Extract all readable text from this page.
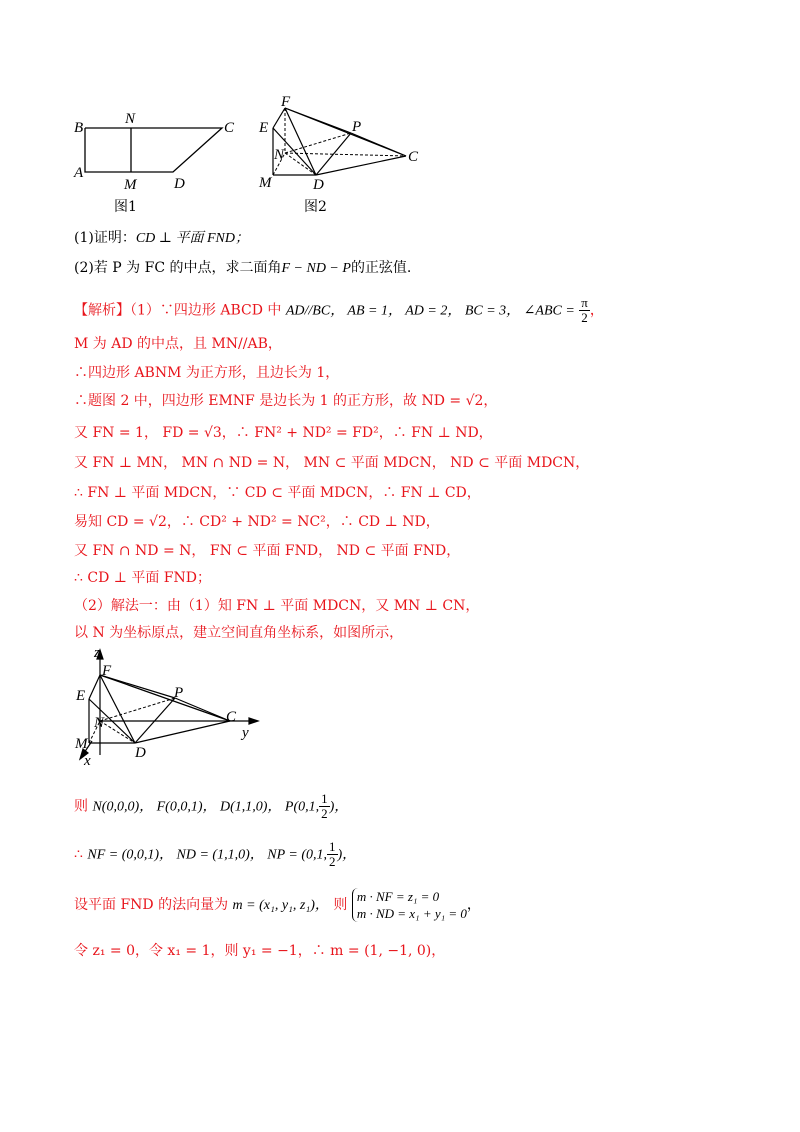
B
N
C
A
M	D
图1
F
E	P
N	C
M	D
图2
(1)证明：CD ⊥ 平面 FND；
(2)若 P 为 FC 的中点，求二面角F − ND − P的正弦值.
【解析】（1）∵四边形 ABCD 中 AD//BC， AB = 1， AD = 2， BC = 3， ∠ABC = $\frac{\pi}{2}$ ，
M 为 AD 的中点，且 MN//AB，
∴四边形 ABNM 为正方形，且边长为 1，
∴题图 2 中，四边形 EMNF 是边长为 1 的正方形，故 ND = √2，
又 FN = 1， FD = √3，∴ FN² + ND² = FD²，∴ FN ⊥ ND，
又 FN ⊥ MN， MN ∩ ND = N， MN ⊂ 平面 MDCN， ND ⊂ 平面 MDCN，
∴ FN ⊥ 平面 MDCN，∵ CD ⊂ 平面 MDCN，∴ FN ⊥ CD，
易知 CD = √2，∴ CD² + ND² = NC²，∴ CD ⊥ ND，
又 FN ∩ ND = N， FN ⊂ 平面 FND， ND ⊂ 平面 FND，
∴ CD ⊥ 平面 FND；
（2）解法一：由（1）知 FN ⊥ 平面 MDCN，又 MN ⊥ CN，
以 N 为坐标原点，建立空间直角坐标系，如图所示，
z
F
E	P
N	C
y
M
D
x
则 N(0,0,0)， F(0,0,1)， D(1,1,0)， P(0,1, $\frac{1}{2}$ )，
∴ NF = (0,0,1)， ND = (1,1,0)， NP = (0,1, $\frac{1}{2}$ )，
设平面 FND 的法向量为 m = (x₁, y₁, z₁)， 则
m · NF = z₁ = 0
m · ND = x₁ + y₁ = 0
，
令 z₁ = 0，令 x₁ = 1，则 y₁ = −1，∴ m = (1, −1, 0)，
